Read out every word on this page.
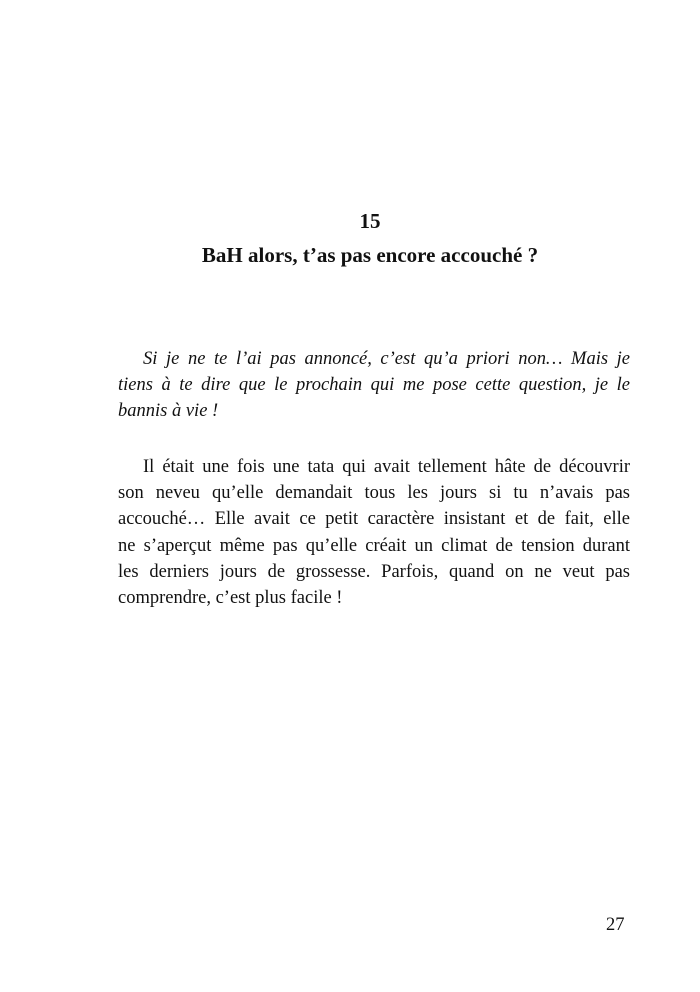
15
BaH alors, t’as pas encore accouché ?

Si je ne te l’ai pas annoncé, c’est qu’a priori non… Mais je
tiens à te dire que le prochain qui me pose cette question, je le
bannis à vie !

Il était une fois une tata qui avait tellement hâte de découvrir
son neveu qu’elle demandait tous les jours si tu n’avais pas
accouché… Elle avait ce petit caractère insistant et de fait, elle
ne s’aperçut même pas qu’elle créait un climat de tension durant
les derniers jours de grossesse. Parfois, quand on ne veut pas
comprendre, c’est plus facile !

27
